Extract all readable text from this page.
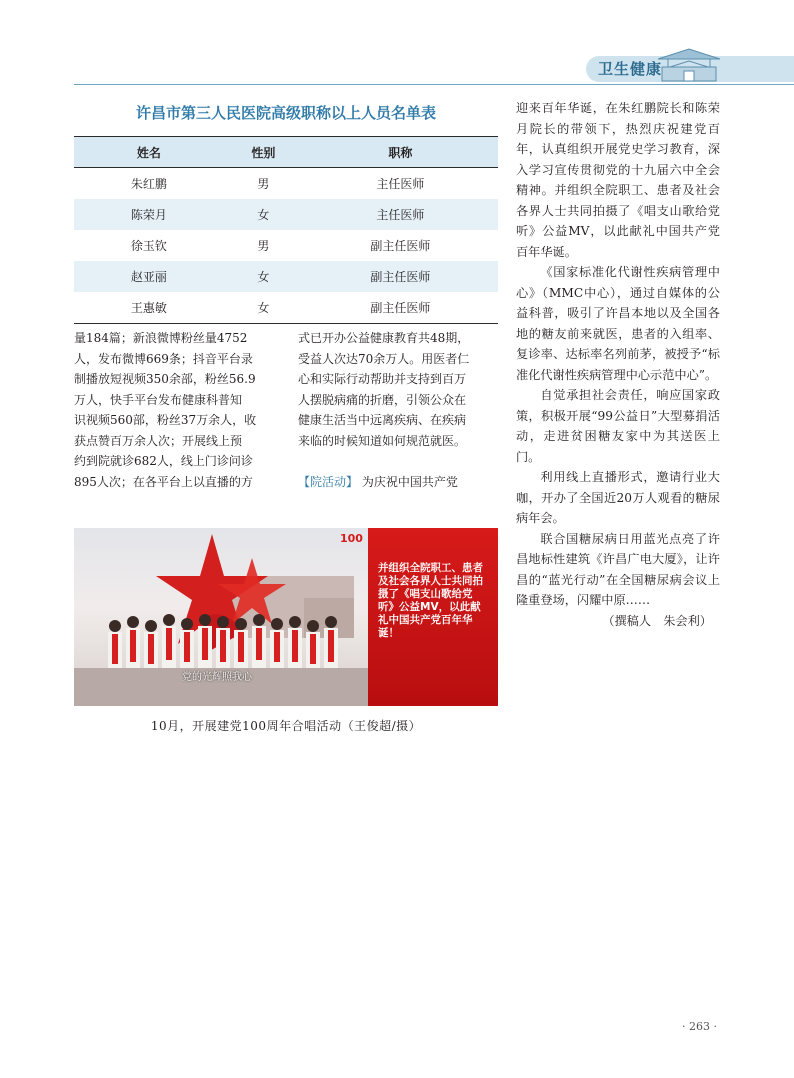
卫生健康
许昌市第三人民医院高级职称以上人员名单表
姓名	性别	职称
朱红鹏	男	主任医师
陈荣月	女	主任医师
徐玉钦	男	副主任医师
赵亚丽	女	副主任医师
王惠敏	女	副主任医师

量184篇；新浪微博粉丝量4752

人，发布微博669条；抖音平台录

制播放短视频350余部，粉丝56.9

万人，快手平台发布健康科普知

识视频560部，粉丝37万余人，收

获点赞百万余人次；开展线上预

约到院就诊682人，线上门诊问诊

895人次；在各平台上以直播的方

式已开办公益健康教育共48期，

受益人次达70余万人。用医者仁

心和实际行动帮助并支持到百万

人摆脱病痛的折磨，引领公众在

健康生活当中远离疾病、在疾病

来临的时候知道如何规范就医。

【院活动】 为庆祝中国共产党

100
党的光辉照我心
并组织全院职工、患者及社会各界人士共同拍摄了《唱支山歌给党听》公益MV，以此献礼中国共产党百年华诞！
10月，开展建党100周年合唱活动（王俊超/摄）

迎来百年华诞，在朱红鹏院长和陈荣月院长的带领下，热烈庆祝建党百年，认真组织开展党史学习教育，深入学习宣传贯彻党的十九届六中全会精神。并组织全院职工、患者及社会各界人士共同拍摄了《唱支山歌给党听》公益MV，以此献礼中国共产党百年华诞。

《国家标准化代谢性疾病管理中心》（MMC中心），通过自媒体的公益科普，吸引了许昌本地以及全国各地的糖友前来就医，患者的入组率、复诊率、达标率名列前茅，被授予“标准化代谢性疾病管理中心示范中心”。

自觉承担社会责任，响应国家政策，积极开展“99公益日”大型募捐活动，走进贫困糖友家中为其送医上门。

利用线上直播形式，邀请行业大咖，开办了全国近20万人观看的糖尿病年会。

联合国糖尿病日用蓝光点亮了许昌地标性建筑《许昌广电大厦》，让许昌的“蓝光行动”在全国糖尿病会议上隆重登场，闪耀中原……

（撰稿人　朱会利）

· 263 ·
